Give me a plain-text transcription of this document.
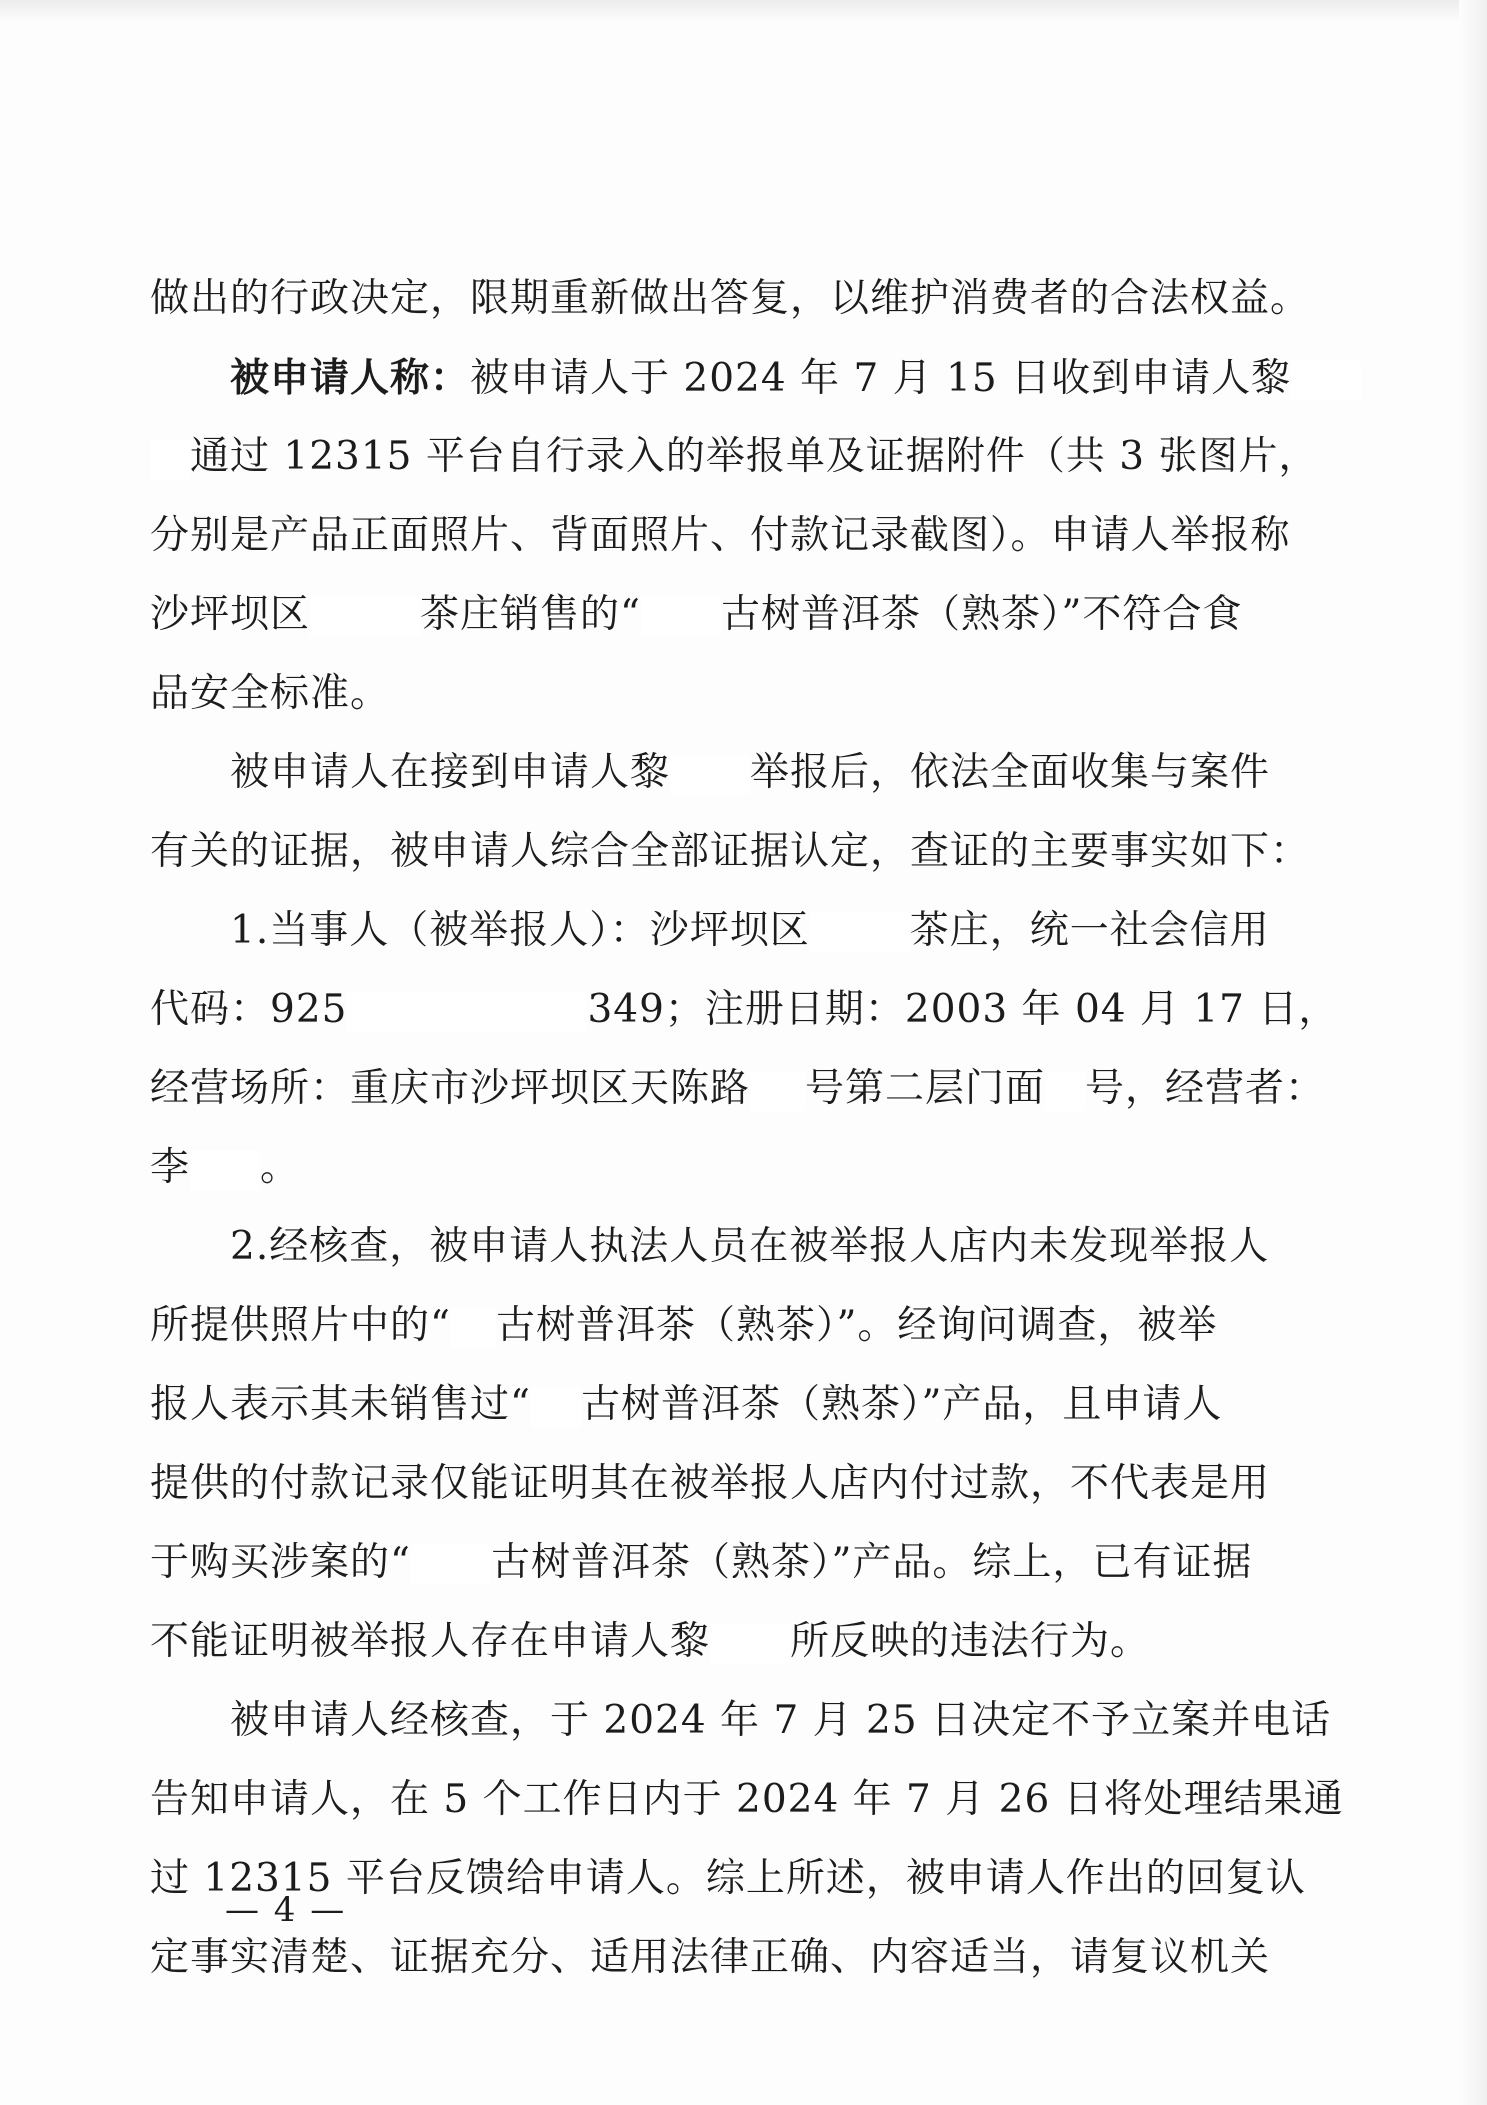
做出的行政决定，限期重新做出答复，以维护消费者的合法权益。
被申请人称：被申请人于 2024 年 7 月 15 日收到申请人黎
通过 12315 平台自行录入的举报单及证据附件（共 3 张图片，
分别是产品正面照片、背面照片、付款记录截图）。申请人举报称
沙坪坝区	茶庄销售的“ 古树普洱茶（熟茶）”不符合食
品安全标准。
被申请人在接到申请人黎 举报后，依法全面收集与案件
有关的证据，被申请人综合全部证据认定，查证的主要事实如下：
1.当事人（被举报人）：沙坪坝区	茶庄，统一社会信用
代码：925	349；注册日期：2003 年 04 月 17 日，
经营场所：重庆市沙坪坝区天陈路 号第二层门面 号，经营者：
李 。
2.经核查，被申请人执法人员在被举报人店内未发现举报人
所提供照片中的“ 古树普洱茶（熟茶）”。经询问调查，被举
报人表示其未销售过“ 古树普洱茶（熟茶）”产品，且申请人
提供的付款记录仅能证明其在被举报人店内付过款，不代表是用
于购买涉案的“ 古树普洱茶（熟茶）”产品。综上，已有证据
不能证明被举报人存在申请人黎 所反映的违法行为。
被申请人经核查，于 2024 年 7 月 25 日决定不予立案并电话
告知申请人，在 5 个工作日内于 2024 年 7 月 26 日将处理结果通
过 12315 平台反馈给申请人。综上所述，被申请人作出的回复认
定事实清楚、证据充分、适用法律正确、内容适当，请复议机关
— 4 —
